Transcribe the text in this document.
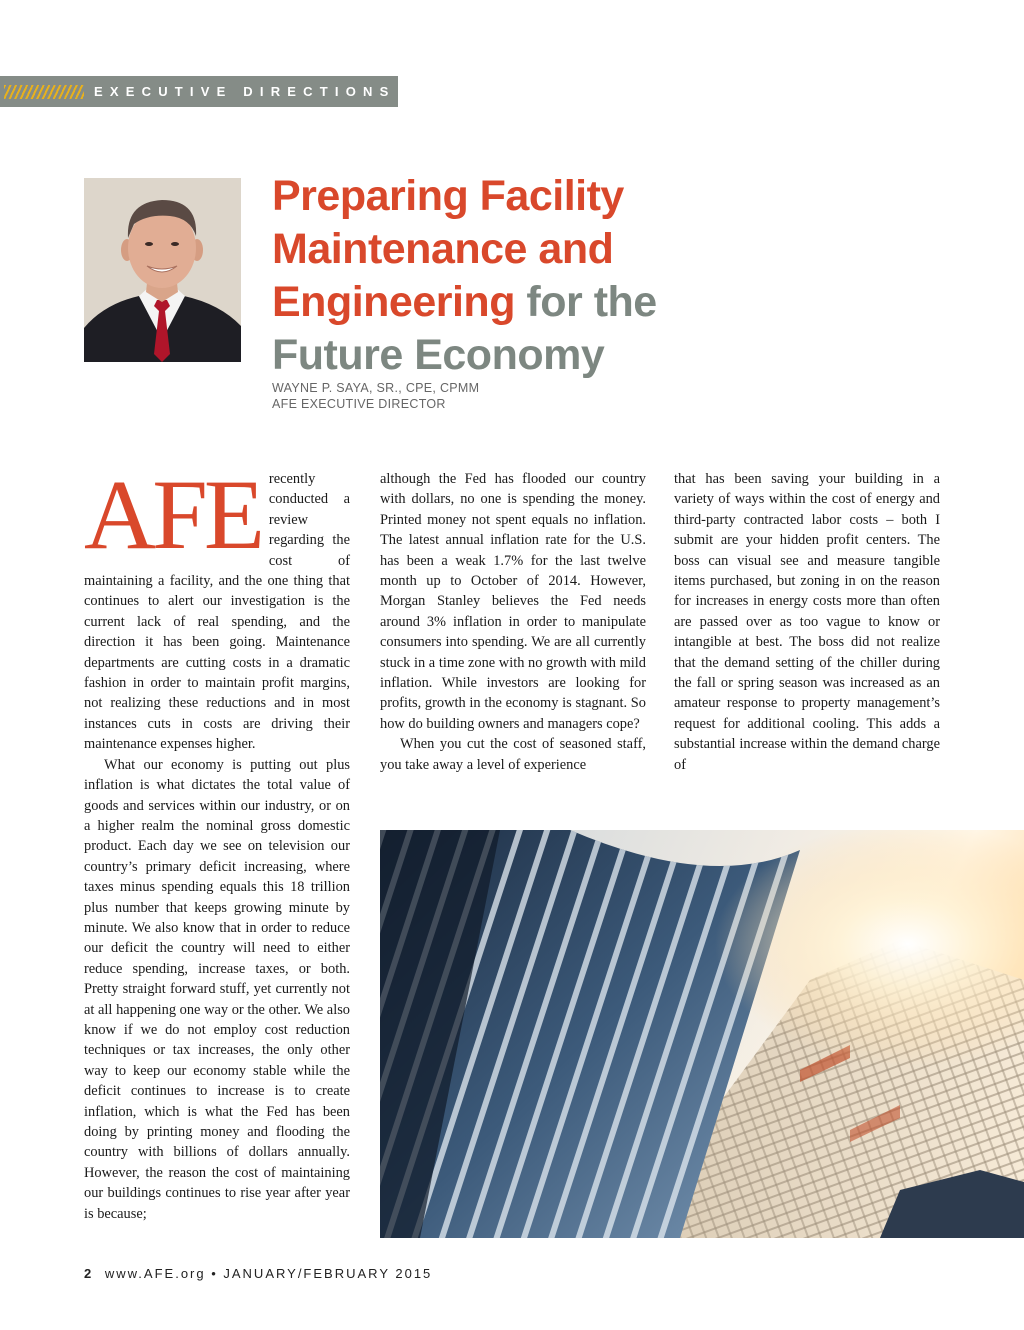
EXECUTIVE DIRECTIONS
Preparing Facility Maintenance and Engineering for the Future Economy
WAYNE P. SAYA, SR., CPE, CPMM
AFE EXECUTIVE DIRECTOR

AFE recently conducted a review regarding the cost of maintaining a facility, and the one thing that continues to alert our investigation is the current lack of real spending, and the direction it has been going. Maintenance departments are cutting costs in a dramatic fashion in order to maintain profit margins, not realizing these reductions and in most instances cuts in costs are driving their maintenance expenses higher.

What our economy is putting out plus inflation is what dictates the total value of goods and services within our industry, or on a higher realm the nominal gross domestic product. Each day we see on television our country’s primary deficit increasing, where taxes minus spending equals this 18 trillion plus number that keeps growing minute by minute. We also know that in order to reduce our deficit the country will need to either reduce spending, increase taxes, or both. Pretty straight forward stuff, yet currently not at all happening one way or the other. We also know if we do not employ cost reduction techniques or tax increases, the only other way to keep our economy stable while the deficit continues to increase is to create inflation, which is what the Fed has been doing by printing money and flooding the country with billions of dollars annually. However, the reason the cost of maintaining our buildings continues to rise year after year is because;

although the Fed has flooded our country with dollars, no one is spending the money. Printed money not spent equals no inflation. The latest annual inflation rate for the U.S. has been a weak 1.7% for the last twelve month up to October of 2014. However, Morgan Stanley believes the Fed needs around 3% inflation in order to manipulate consumers into spending. We are all currently stuck in a time zone with no growth with mild inflation. While investors are looking for profits, growth in the economy is stagnant. So how do building owners and managers cope?

When you cut the cost of seasoned staff, you take away a level of experience

that has been saving your building in a variety of ways within the cost of energy and third-party contracted labor costs – both I submit are your hidden profit centers. The boss can visual see and measure tangible items purchased, but zoning in on the reason for increases in energy costs more than often are passed over as too vague to know or intangible at best. The boss did not realize that the demand setting of the chiller during the fall or spring season was increased as an amateur response to property management’s request for additional cooling. This adds a substantial increase within the demand charge of

2 www.AFE.org • JANUARY/FEBRUARY 2015
